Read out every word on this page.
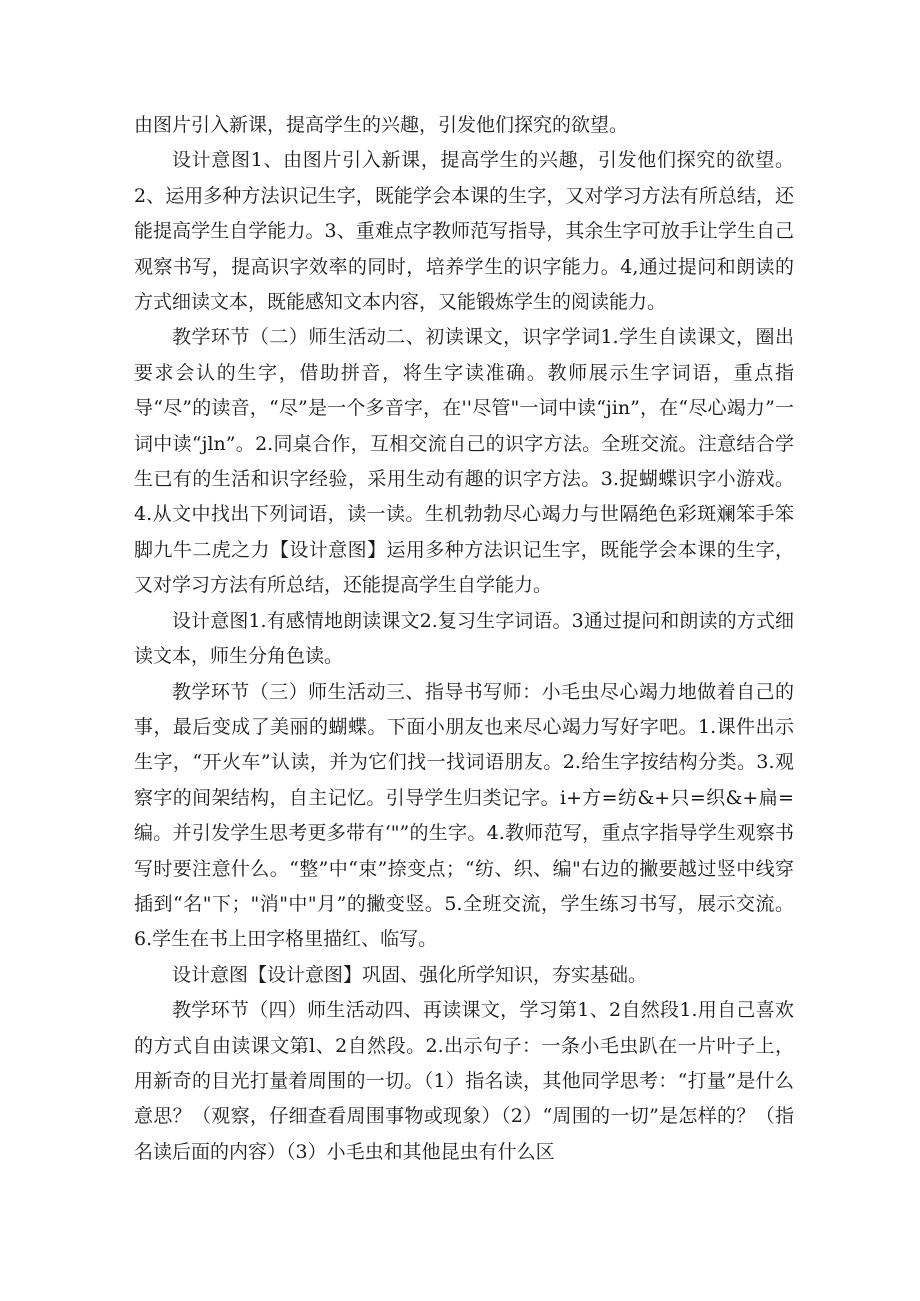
由图片引入新课，提高学生的兴趣，引发他们探究的欲望。

设计意图1、由图片引入新课，提高学生的兴趣，引发他们探究的欲望。2、运用多种方法识记生字，既能学会本课的生字，又对学习方法有所总结，还能提高学生自学能力。3、重难点字教师范写指导，其余生字可放手让学生自己观察书写，提高识字效率的同时，培养学生的识字能力。4,通过提问和朗读的方式细读文本，既能感知文本内容，又能锻炼学生的阅读能力。

教学环节（二）师生活动二、初读课文，识字学词1.学生自读课文，圈出要求会认的生字，借助拼音，将生字读准确。教师展示生字词语，重点指导“尽”的读音，“尽”是一个多音字，在''尽管"一词中读“jin”，在“尽心竭力”一词中读“jln”。2.同桌合作，互相交流自己的识字方法。全班交流。注意结合学生已有的生活和识字经验，采用生动有趣的识字方法。3.捉蝴蝶识字小游戏。4.从文中找出下列词语，读一读。生机勃勃尽心竭力与世隔绝色彩斑斓笨手笨脚九牛二虎之力【设计意图】运用多种方法识记生字，既能学会本课的生字，又对学习方法有所总结，还能提高学生自学能力。

设计意图1.有感情地朗读课文2.复习生字词语。3通过提问和朗读的方式细读文本，师生分角色读。

教学环节（三）师生活动三、指导书写师：小毛虫尽心竭力地做着自己的事，最后变成了美丽的蝴蝶。下面小朋友也来尽心竭力写好字吧。1.课件出示生字，“开火车”认读，并为它们找一找词语朋友。2.给生字按结构分类。3.观察字的间架结构，自主记忆。引导学生归类记字。i+方=纺&+只=织&+扁=编。并引发学生思考更多带有‘"”的生字。4.教师范写，重点字指导学生观察书写时要注意什么。“整”中“束”捺变点；“纺、织、编"右边的撇要越过竖中线穿插到“名"下；"消"中"月”的撇变竖。5.全班交流，学生练习书写，展示交流。6.学生在书上田字格里描红、临写。

设计意图【设计意图】巩固、强化所学知识，夯实基础。

教学环节（四）师生活动四、再读课文，学习第1、2自然段1.用自己喜欢的方式自由读课文第l、2自然段。2.出示句子：一条小毛虫趴在一片叶子上，用新奇的目光打量着周围的一切。（1）指名读，其他同学思考：“打量”是什么意思？（观察，仔细查看周围事物或现象）（2）“周围的一切”是怎样的？（指名读后面的内容）（3）小毛虫和其他昆虫有什么区
